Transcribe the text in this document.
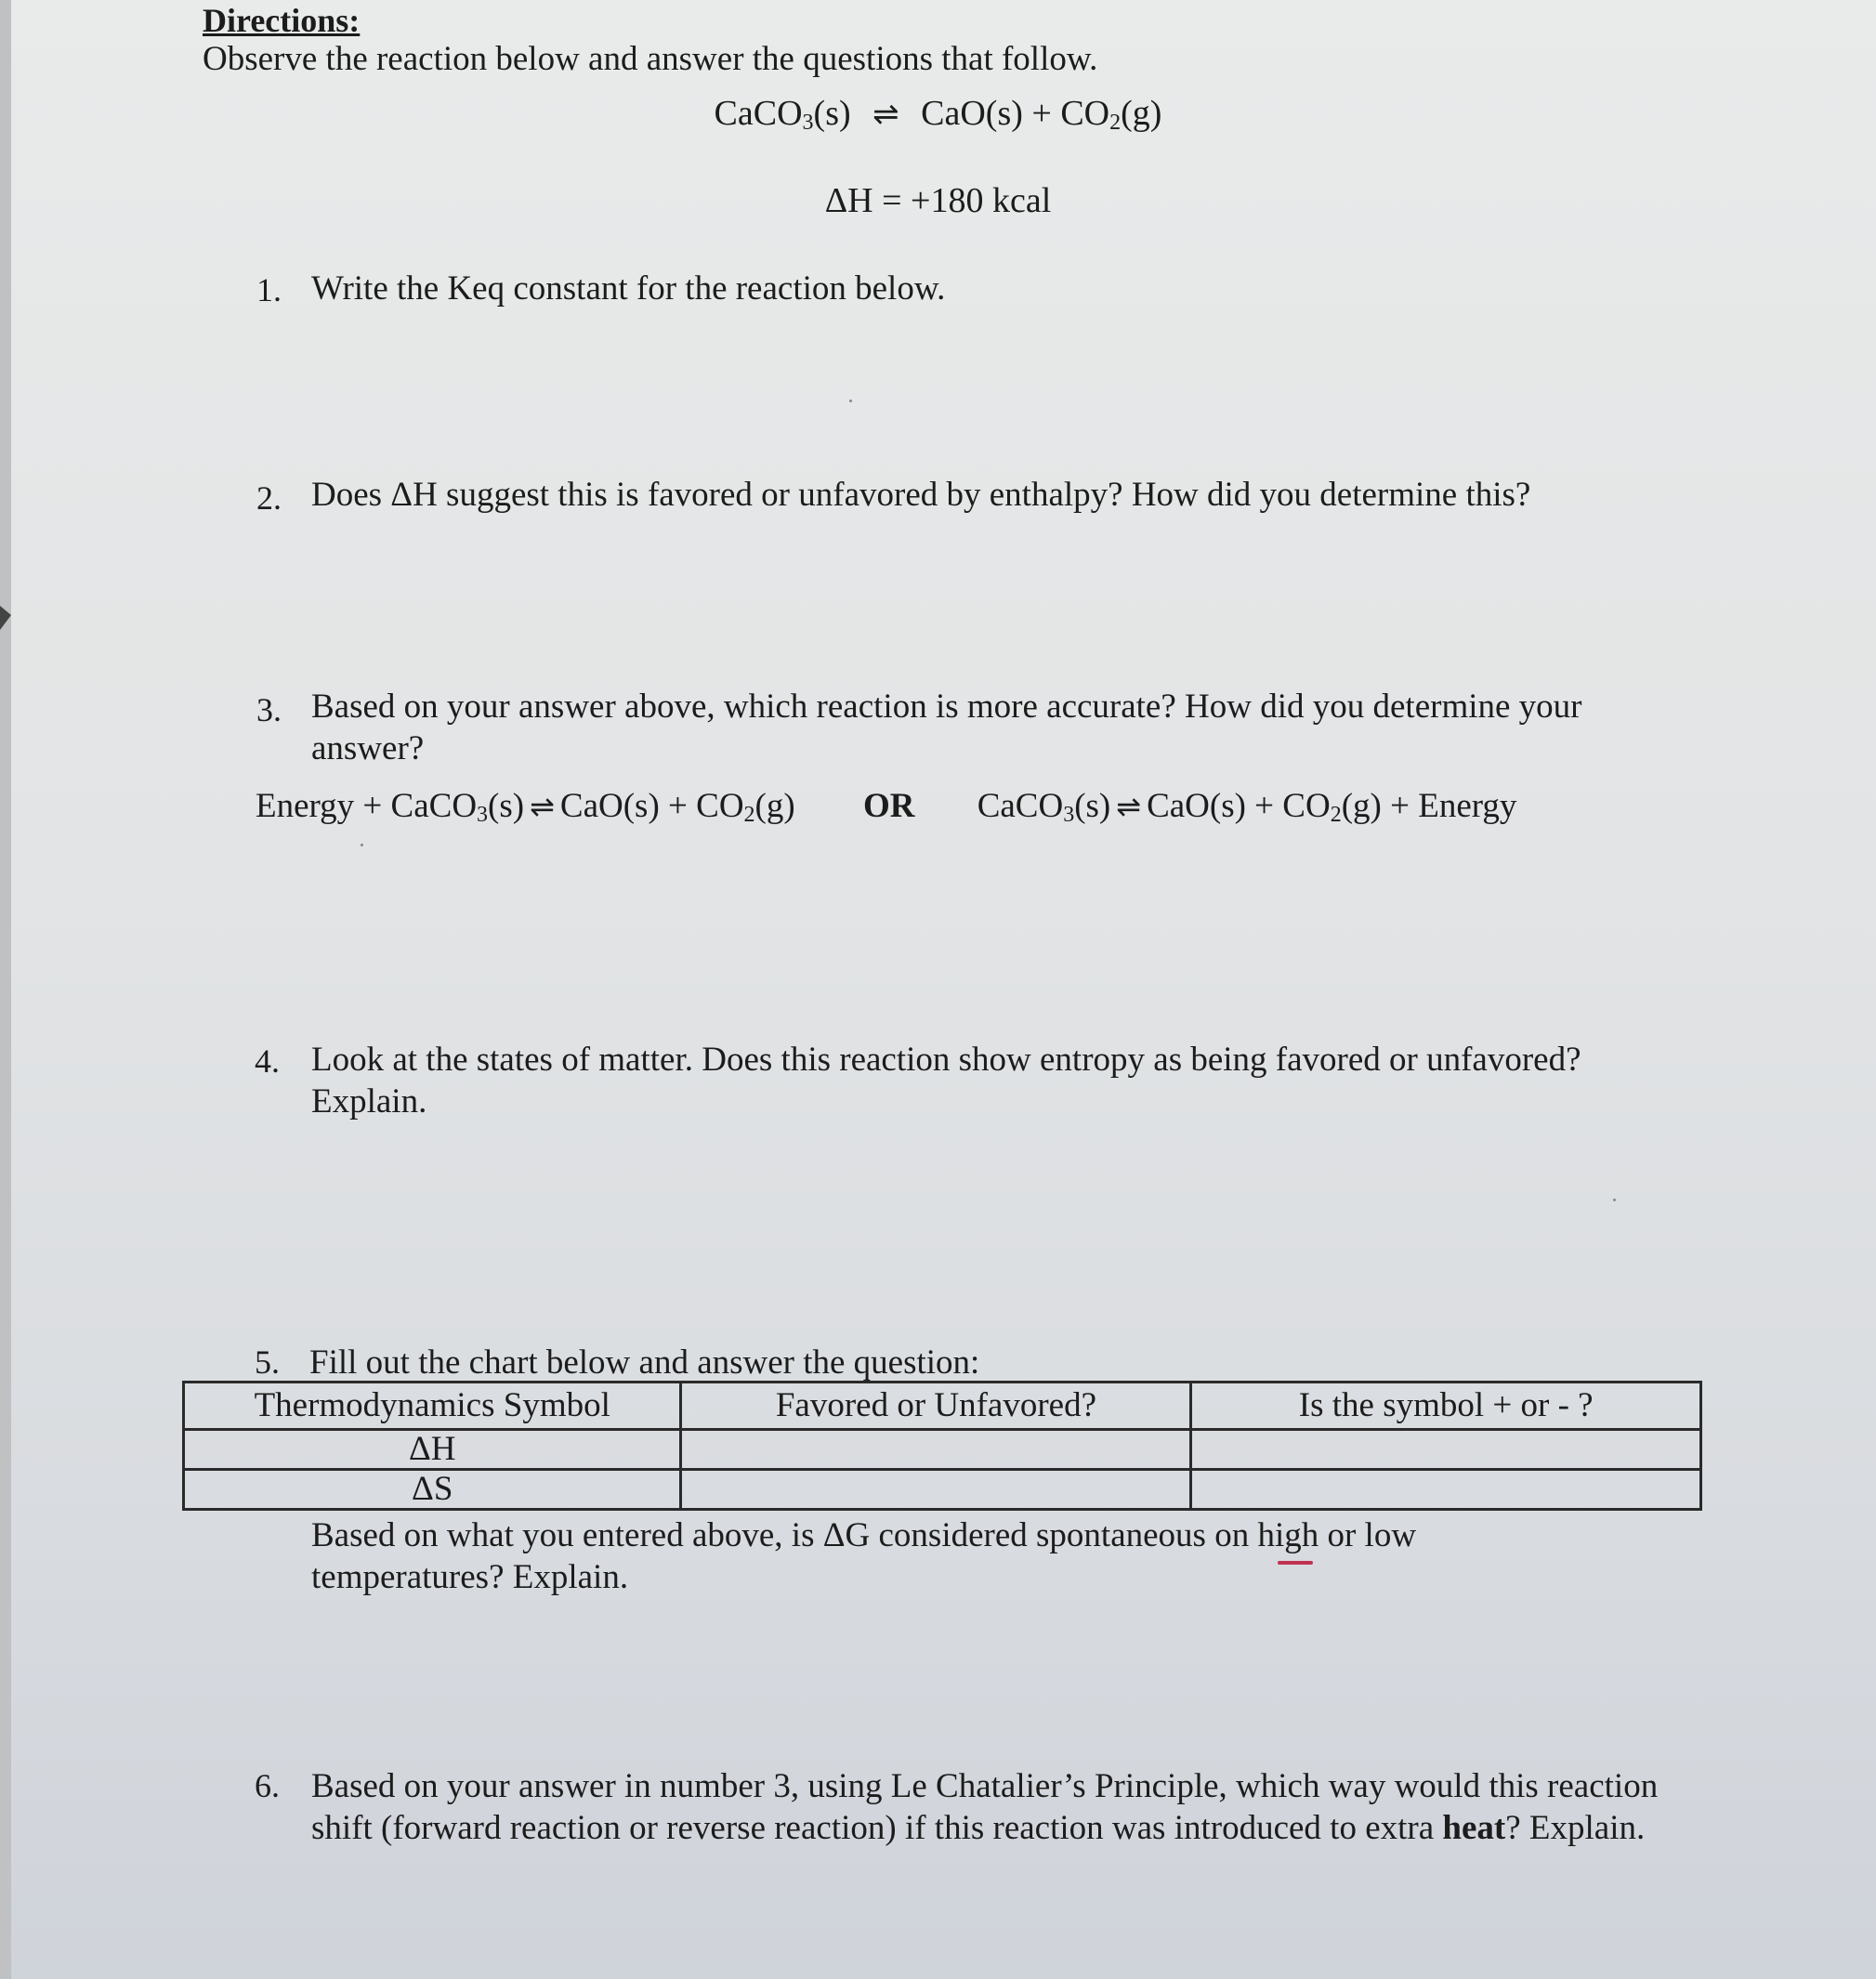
Directions:
Observe the reaction below and answer the questions that follow.
CaCO$_3$(s) ⇌ $CaO(s) + CO_2(g)$
ΔH = +180 kcal
1. Write the Keq constant for the reaction below.
2. Does ΔH suggest this is favored or unfavored by enthalpy? How did you determine this?
3. Based on your answer above, which reaction is more accurate? How did you determine your answer?
Energy + CaCO$_3$(s) ⇌ $CaO(s) + CO_2(g)$ OR CaCO$_3$(s) ⇌ $CaO(s) + CO_2(g)$ + Energy
4. Look at the states of matter. Does this reaction show entropy as being favored or unfavored? Explain.
5. Fill out the chart below and answer the question:
Thermodynamics Symbol	Favored or Unfavored?	Is the symbol + or - ?
ΔH		
ΔS		
Based on what you entered above, is ΔG considered spontaneous on high or low temperatures? Explain.
6. Based on your answer in number 3, using Le Chatalier’s Principle, which way would this reaction shift (forward reaction or reverse reaction) if this reaction was introduced to extra heat? Explain.
